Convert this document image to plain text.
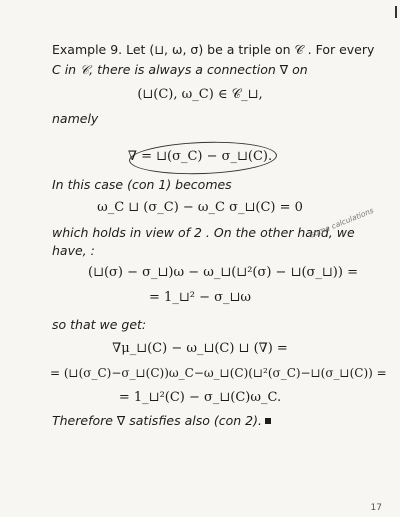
Example 9. Let (⊔, ω, σ) be a triple on 𝒞 . For every
C in 𝒞, there is always a connection ∇ on
(⊔(C), ω_C) ∈ 𝒞_⊔,
namely
∇ = ⊔(σ_C) − σ_⊔(C).
In this case (con 1) becomes
ω_C ⊔ (σ_C) − ω_C σ_⊔(C) = 0
which holds in view of 2 . On the other hand, we
have, :
(⊔(σ) − σ_⊔)ω − ω_⊔(⊔²(σ) − ⊔(σ_⊔)) =
some calculations
= 1_⊔² − σ_⊔ω
so that we get:
∇μ_⊔(C) − ω_⊔(C) ⊔ (∇) =
= (⊔(σ_C)−σ_⊔(C))ω_C−ω_⊔(C)(⊔²(σ_C)−⊔(σ_⊔(C)) =
= 1_⊔²(C) − σ_⊔(C)ω_C.
Therefore ∇ satisfies also (con 2).
17
